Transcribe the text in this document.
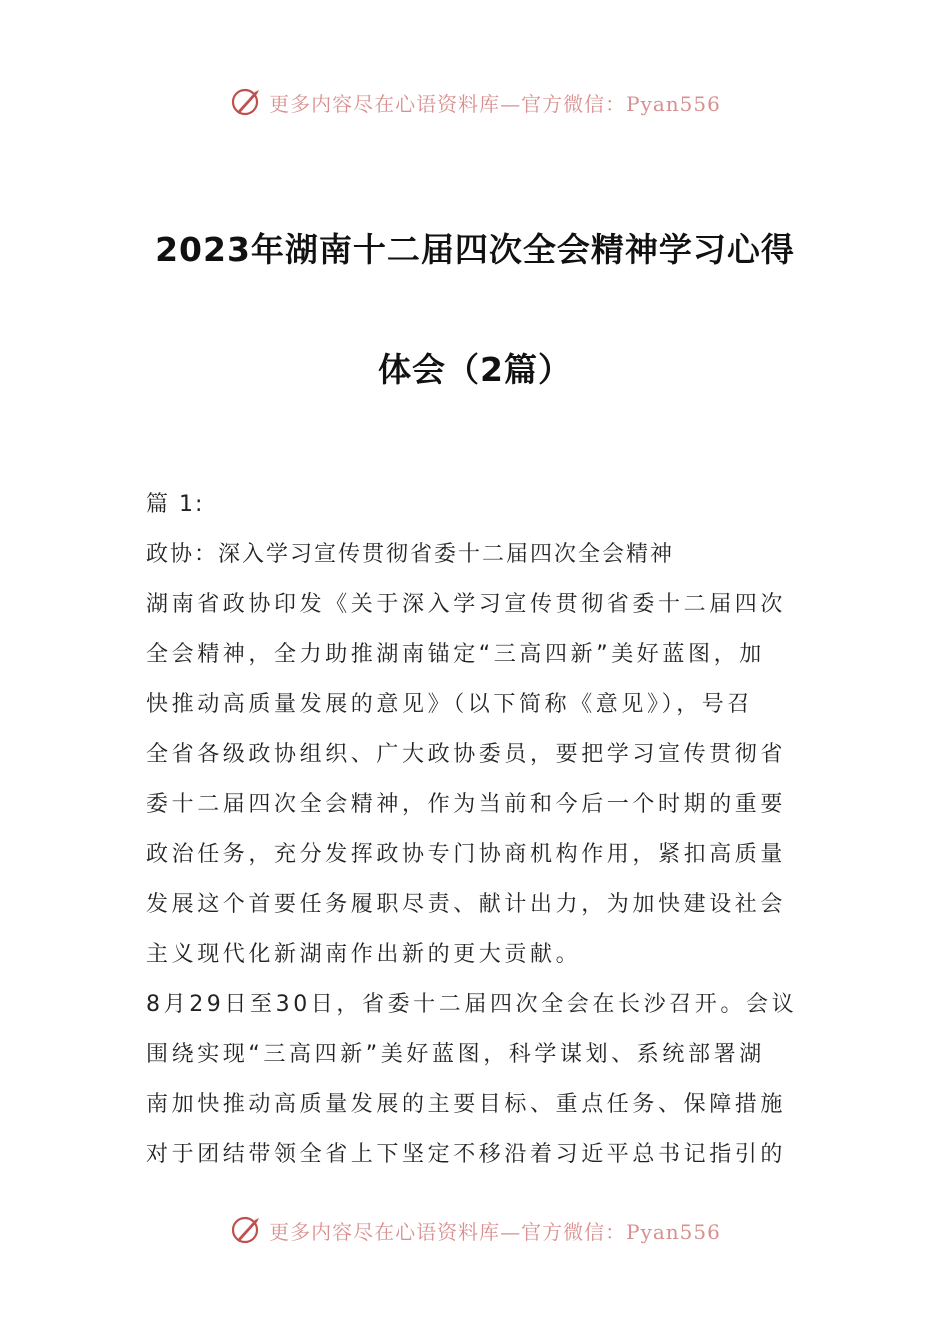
更多内容尽在心语资料库—官方微信：Pyan556
2023年湖南十二届四次全会精神学习心得
体会（2篇）
篇 1:
政协：深入学习宣传贯彻省委十二届四次全会精神
湖南省政协印发《关于深入学习宣传贯彻省委十二届四次
全会精神，全力助推湖南锚定“三高四新”美好蓝图，加
快推动高质量发展的意见》（以下简称《意见》），号召
全省各级政协组织、广大政协委员，要把学习宣传贯彻省
委十二届四次全会精神，作为当前和今后一个时期的重要
政治任务，充分发挥政协专门协商机构作用，紧扣高质量
发展这个首要任务履职尽责、献计出力，为加快建设社会
主义现代化新湖南作出新的更大贡献。
8月29日至30日，省委十二届四次全会在长沙召开。会议
围绕实现“三高四新”美好蓝图，科学谋划、系统部署湖
南加快推动高质量发展的主要目标、重点任务、保障措施
对于团结带领全省上下坚定不移沿着习近平总书记指引的
更多内容尽在心语资料库—官方微信：Pyan556
